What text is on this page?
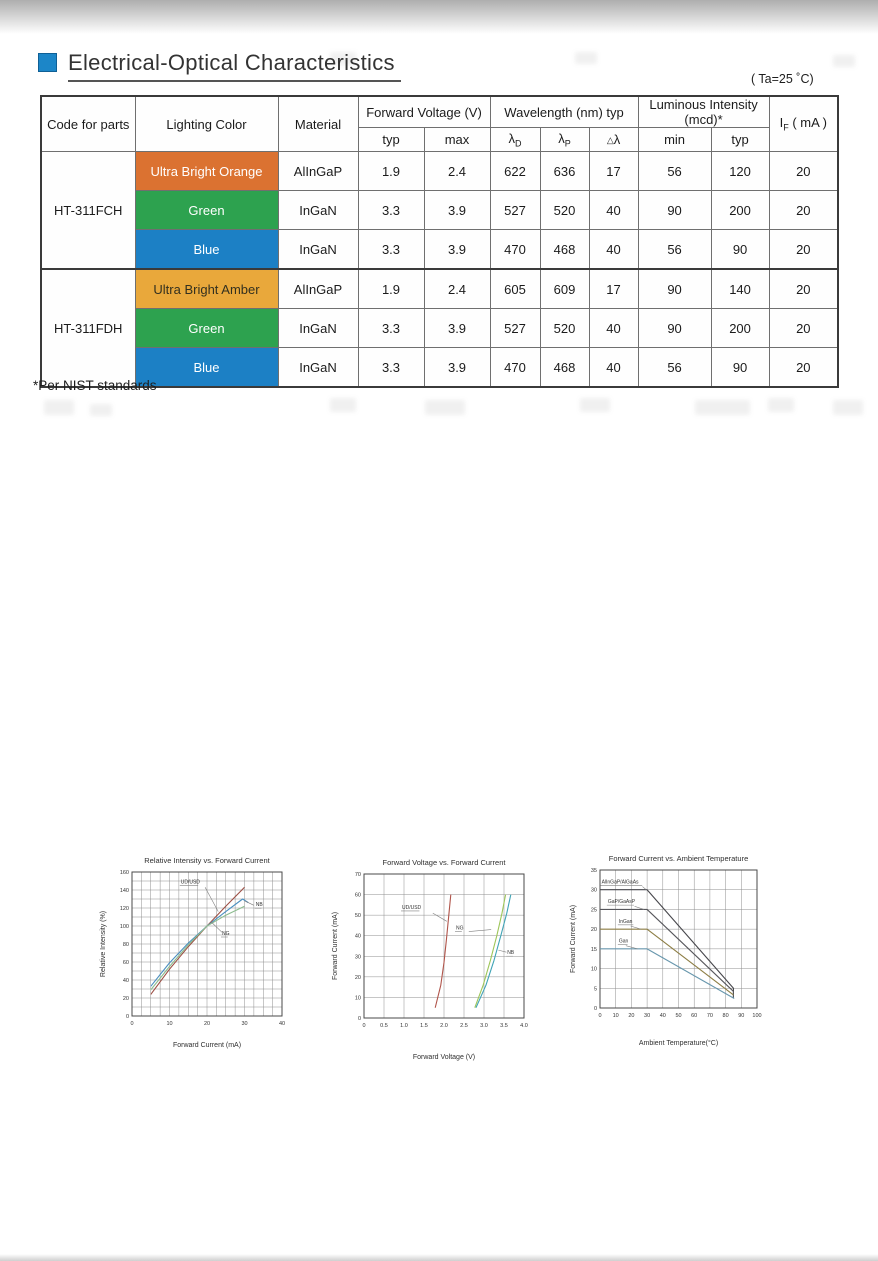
Electrical-Optical Characteristics
( Ta=25 ˚C)
Code for parts	Lighting Color	Material	Forward Voltage (V)		Wavelength (nm) typ			Luminous Intensity (mcd)*		$I_F$ ( mA )
			typ	max	$\lambda_D$	$\lambda_P$	△λ	min	typ	
HT-311FCH	Ultra Bright Orange	AlInGaP	1.9	2.4	622	636	17	56	120	20
	Green	InGaN	3.3	3.9	527	520	40	90	200	20
	Blue	InGaN	3.3	3.9	470	468	40	56	90	20
HT-311FDH	Ultra Bright Amber	AlInGaP	1.9	2.4	605	609	17	90	140	20
	Green	InGaN	3.3	3.9	527	520	40	90	200	20
	Blue	InGaN	3.3	3.9	470	468	40	56	90	20
*Per NIST standards
UD/USD
NB
NG
0	10	20	30	40
0
20
40
60
80
100
120
140
160
Relative Intensity vs. Forward Current
Forward Current (mA)
Relative Intensity (%)
UD/USD
NG
NB
0	0.5 1.0 1.5 2.0 2.5 3.0 3.5 4.0
0
10
20
30
40
50
60
70
Forward Voltage vs. Forward Current
Forward Voltage (V)
Forward Current (mA)
AlInGaP/AlGaAs
GaP/GaAsP
InGan
Gan
0 10 20 30 40 50 60 70 80 90 100
0
5
10
15
20
25
30
35
Forward Current vs. Ambient Temperature
Ambient Temperature(°C)
Forward Current (mA)
